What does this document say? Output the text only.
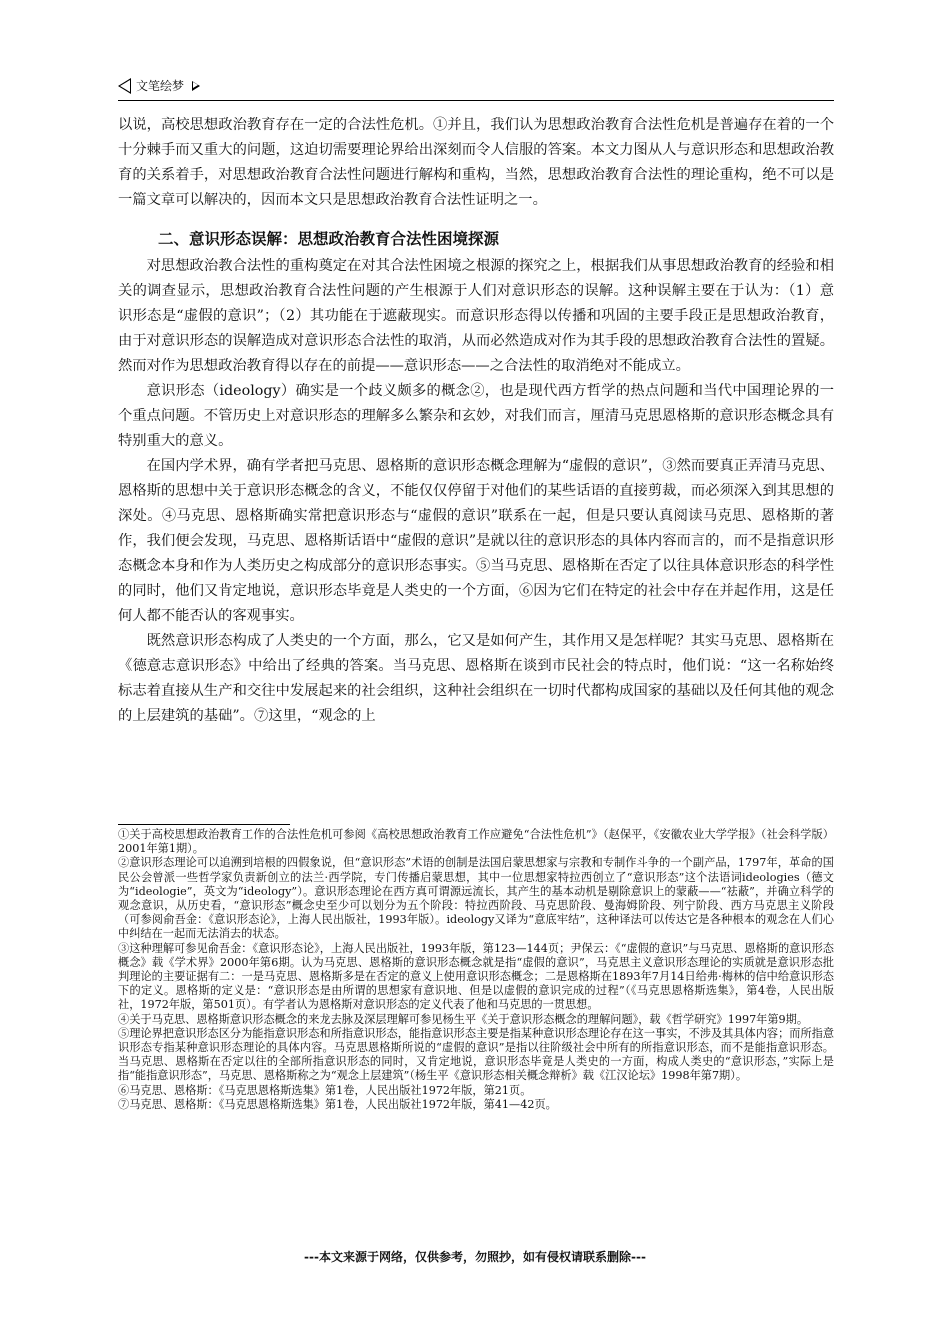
文笔绘梦

以说，高校思想政治教育存在一定的合法性危机。①并且，我们认为思想政治教育合法性危机是普遍存在着的一个十分棘手而又重大的问题，这迫切需要理论界给出深刻而令人信服的答案。本文力图从人与意识形态和思想政治教育的关系着手，对思想政治教育合法性问题进行解构和重构，当然，思想政治教育合法性的理论重构，绝不可以是一篇文章可以解决的，因而本文只是思想政治教育合法性证明之一。

二、意识形态误解：思想政治教育合法性困境探源

对思想政治教合法性的重构奠定在对其合法性困境之根源的探究之上，根据我们从事思想政治教育的经验和相关的调查显示，思想政治教育合法性问题的产生根源于人们对意识形态的误解。这种误解主要在于认为：（1）意识形态是“虚假的意识”；（2）其功能在于遮蔽现实。而意识形态得以传播和巩固的主要手段正是思想政治教育，由于对意识形态的误解造成对意识形态合法性的取消，从而必然造成对作为其手段的思想政治教育合法性的置疑。然而对作为思想政治教育得以存在的前提——意识形态——之合法性的取消绝对不能成立。

意识形态（ideology）确实是一个歧义颇多的概念②，也是现代西方哲学的热点问题和当代中国理论界的一个重点问题。不管历史上对意识形态的理解多么繁杂和玄妙，对我们而言，厘清马克思恩格斯的意识形态概念具有特别重大的意义。

在国内学术界，确有学者把马克思、恩格斯的意识形态概念理解为“虚假的意识”，③然而要真正弄清马克思、恩格斯的思想中关于意识形态概念的含义，不能仅仅停留于对他们的某些话语的直接剪裁，而必须深入到其思想的深处。④马克思、恩格斯确实常把意识形态与“虚假的意识”联系在一起，但是只要认真阅读马克思、恩格斯的著作，我们便会发现，马克思、恩格斯话语中“虚假的意识”是就以往的意识形态的具体内容而言的，而不是指意识形态概念本身和作为人类历史之构成部分的意识形态事实。⑤当马克思、恩格斯在否定了以往具体意识形态的科学性的同时，他们又肯定地说，意识形态毕竟是人类史的一个方面，⑥因为它们在特定的社会中存在并起作用，这是任何人都不能否认的客观事实。

既然意识形态构成了人类史的一个方面，那么，它又是如何产生，其作用又是怎样呢？其实马克思、恩格斯在《德意志意识形态》中给出了经典的答案。当马克思、恩格斯在谈到市民社会的特点时，他们说：“这一名称始终标志着直接从生产和交往中发展起来的社会组织，这种社会组织在一切时代都构成国家的基础以及任何其他的观念的上层建筑的基础”。⑦这里，“观念的上

①关于高校思想政治教育工作的合法性危机可参阅《高校思想政治教育工作应避免“合法性危机”》（赵保平，《安徽农业大学学报》（社会科学版）2001年第1期）。

②意识形态理论可以追溯到培根的四假象说，但“意识形态”术语的创制是法国启蒙思想家与宗教和专制作斗争的一个副产品，1797年，革命的国民公会曾派一些哲学家负责新创立的法兰·西学院，专门传播启蒙思想，其中一位思想家特拉西创立了“意识形态”这个法语词ideologies（德文为“ideologie”，英文为“ideology”）。意识形态理论在西方真可谓源远流长，其产生的基本动机是剔除意识上的蒙蔽——“祛蔽”，并确立科学的观念意识，从历史看，“意识形态”概念史至少可以划分为五个阶段：特拉西阶段、马克思阶段、曼海姆阶段、列宁阶段、西方马克思主义阶段（可参阅俞吾金：《意识形态论》，上海人民出版社，1993年版）。ideology又译为“意底牢结”，这种译法可以传达它是各种根本的观念在人们心中纠结在一起而无法消去的状态。

③这种理解可参见俞吾金：《意识形态论》，上海人民出版社，1993年版，第123—144页；尹保云：《“虚假的意识”与马克思、恩格斯的意识形态概念》载《学术界》2000年第6期。认为马克思、恩格斯的意识形态概念就是指“虚假的意识”，马克思主义意识形态理论的实质就是意识形态批判理论的主要证据有二：一是马克思、恩格斯多是在否定的意义上使用意识形态概念；二是恩格斯在1893年7月14日给弗·梅林的信中给意识形态下的定义。恩格斯的定义是：“意识形态是由所谓的思想家有意识地、但是以虚假的意识完成的过程”（《马克思恩格斯选集》，第4卷，人民出版社，1972年版，第501页）。有学者认为恩格斯对意识形态的定义代表了他和马克思的一贯思想。

④关于马克思、恩格斯意识形态概念的来龙去脉及深层理解可参见杨生平《关于意识形态概念的理解问题》，载《哲学研究》1997年第9期。

⑤理论界把意识形态区分为能指意识形态和所指意识形态，能指意识形态主要是指某种意识形态理论存在这一事实，不涉及其具体内容；而所指意识形态专指某种意识形态理论的具体内容。马克思恩格斯所说的“虚假的意识”是指以往阶级社会中所有的所指意识形态，而不是能指意识形态。当马克思、恩格斯在否定以往的全部所指意识形态的同时，又肯定地说，意识形态毕竟是人类史的一方面，构成人类史的“意识形态，”实际上是指“能指意识形态”，马克思、恩格斯称之为“观念上层建筑”（杨生平《意识形态相关概念辩析》载《江汉论坛》1998年第7期）。

⑥马克思、恩格斯：《马克思恩格斯选集》第1卷，人民出版社1972年版，第21页。

⑦马克思、恩格斯：《马克思恩格斯选集》第1卷，人民出版社1972年版，第41—42页。

---本文来源于网络，仅供参考，勿照抄，如有侵权请联系删除---
